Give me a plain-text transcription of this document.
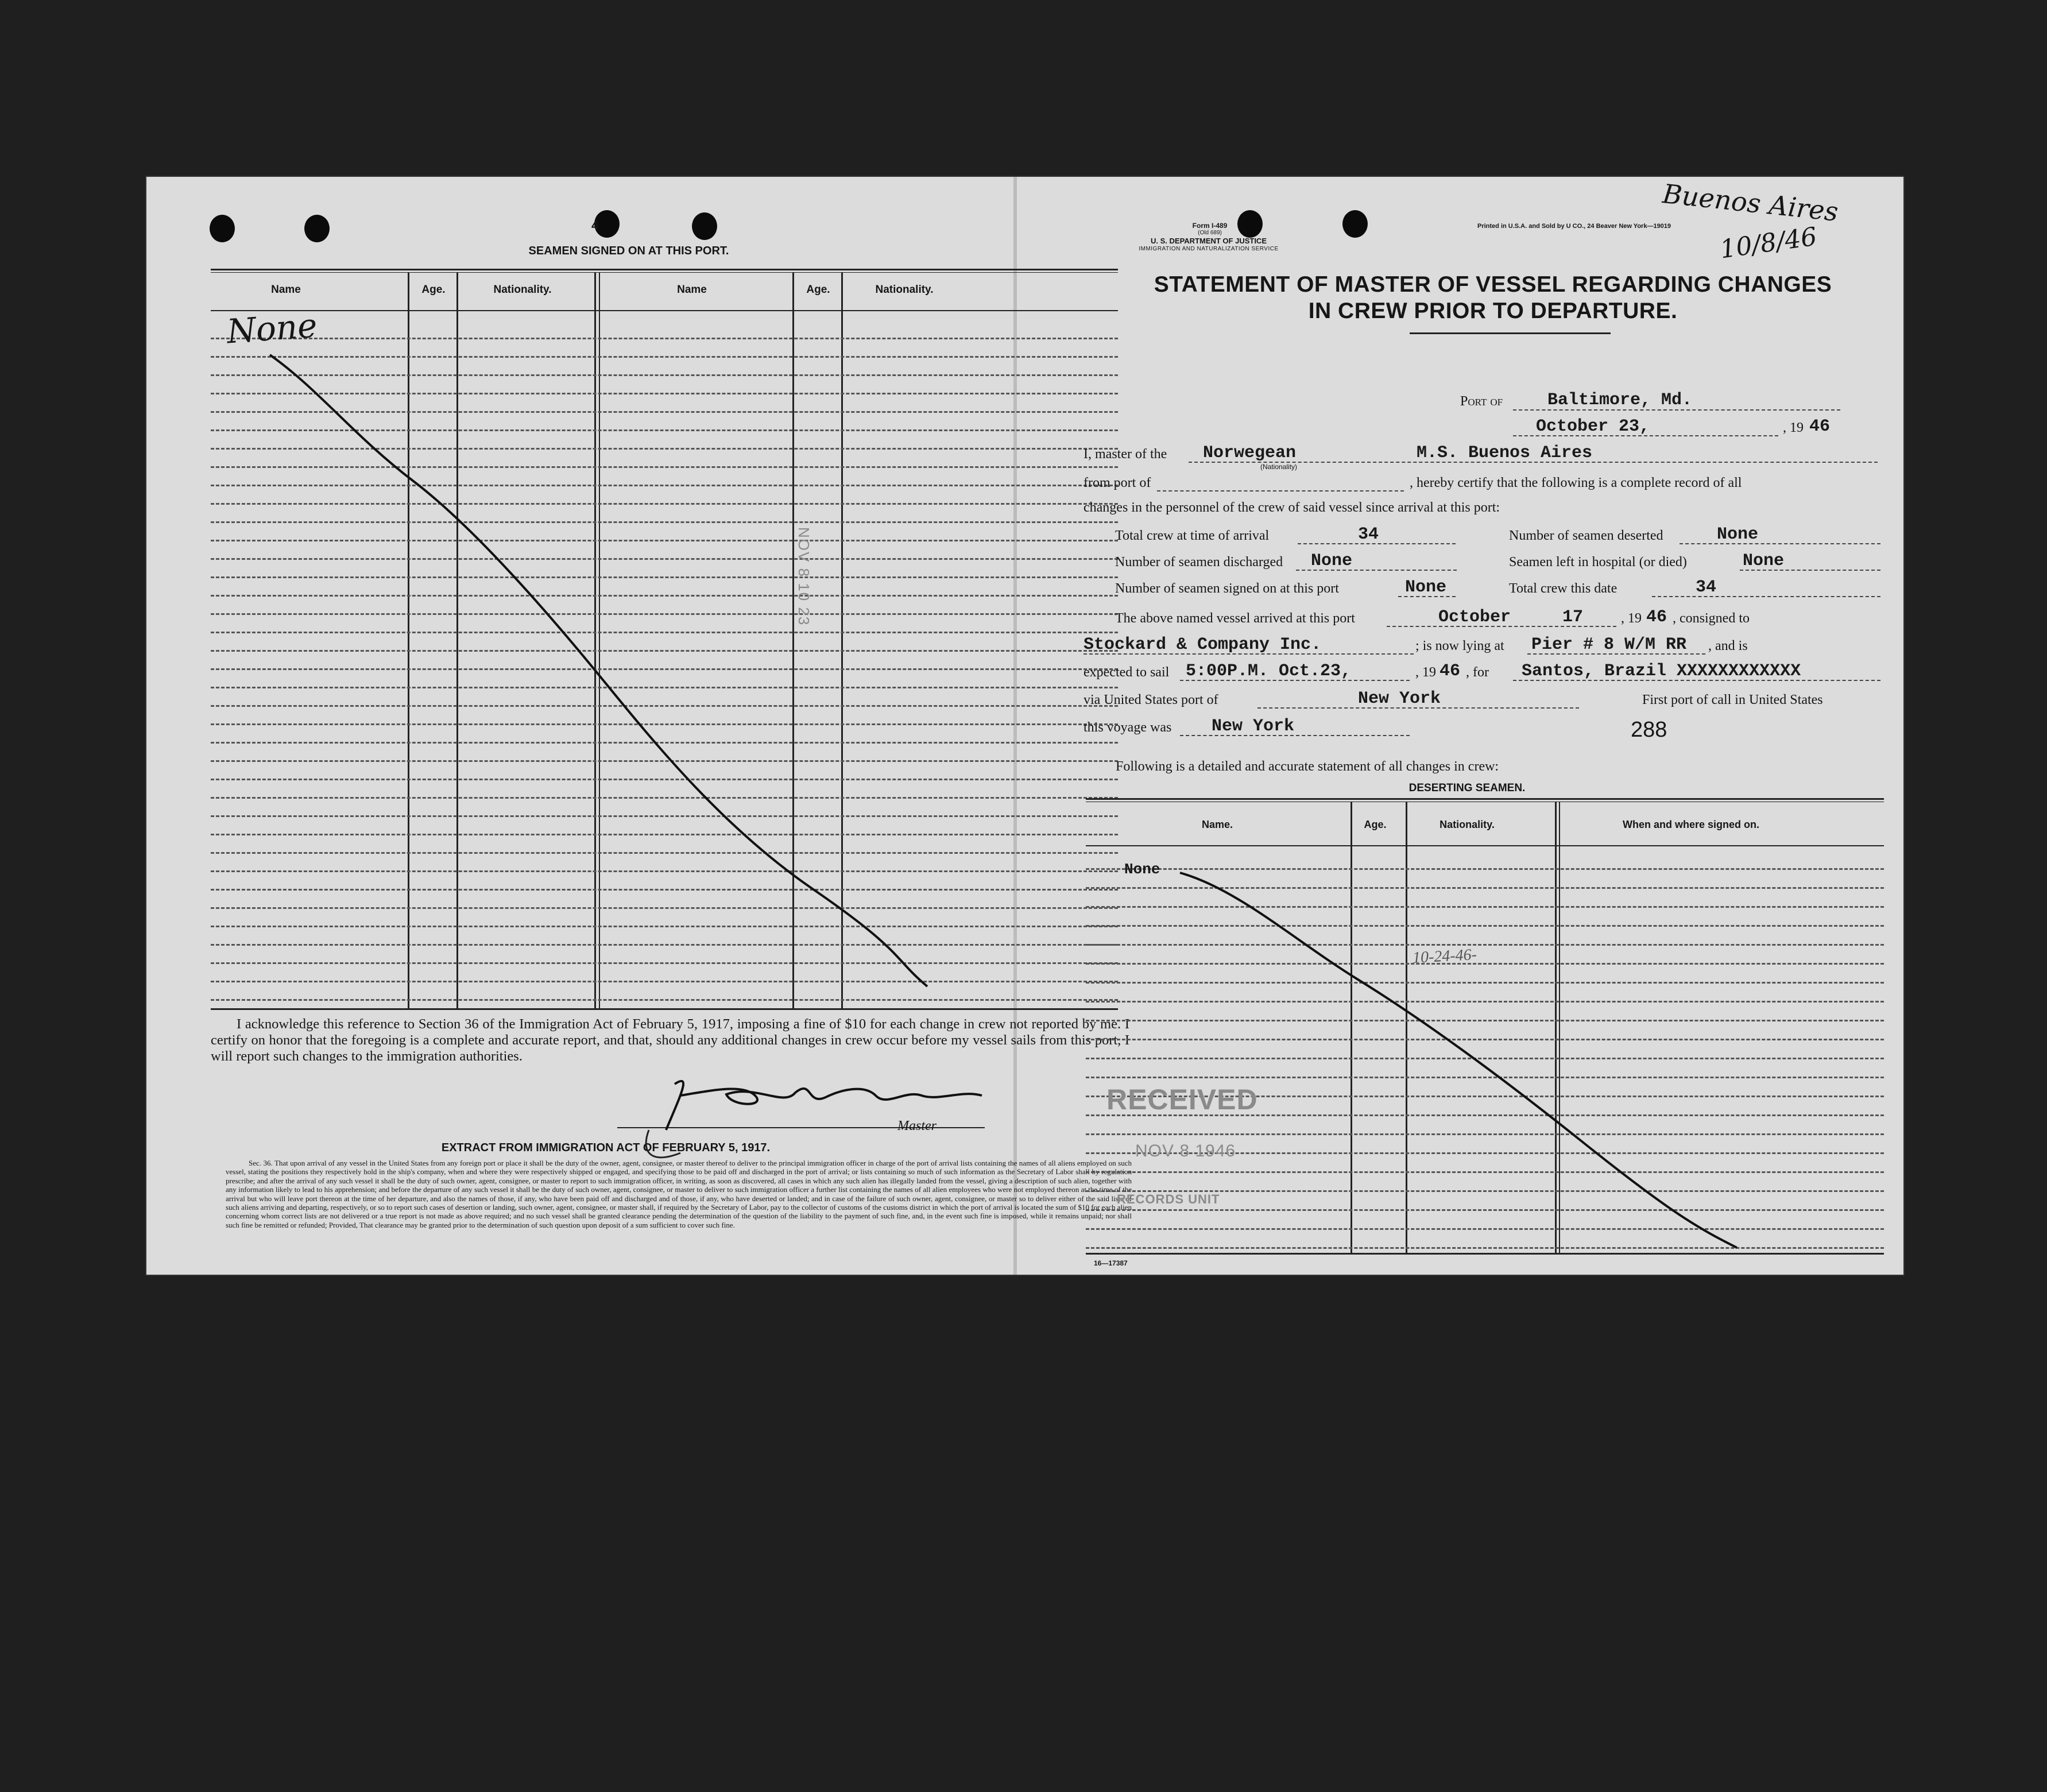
4
SEAMEN SIGNED ON AT THIS PORT.
Name	Age.	Nationality.	Name	Age.	Nationality.
None
NOV 8 10 23
I acknowledge this reference to Section 36 of the Immigration Act of February 5, 1917, imposing a fine of $10 for each change in crew not reported by me. I certify on honor that the foregoing is a complete and accurate report, and that, should any additional changes in crew occur before my vessel sails from this port, I will report such changes to the immigration authorities.
Master
EXTRACT FROM IMMIGRATION ACT OF FEBRUARY 5, 1917.
Sec. 36. That upon arrival of any vessel in the United States from any foreign port or place it shall be the duty of the owner, agent, consignee, or master thereof to deliver to the principal immigration officer in charge of the port of arrival lists containing the names of all aliens employed on such vessel, stating the positions they respectively hold in the ship's company, when and where they were respectively shipped or engaged, and specifying those to be paid off and discharged in the port of arrival; or lists containing so much of such information as the Secretary of Labor shall by regulation prescribe; and after the arrival of any such vessel it shall be the duty of such owner, agent, consignee, or master to report to such immigration officer, in writing, as soon as discovered, all cases in which any such alien has illegally landed from the vessel, giving a description of such alien, together with any information likely to lead to his apprehension; and before the departure of any such vessel it shall be the duty of such owner, agent, consignee, or master to deliver to such immigration officer a further list containing the names of all alien employees who were not employed thereon at the time of the arrival but who will leave port thereon at the time of her departure, and also the names of those, if any, who have been paid off and discharged and of those, if any, who have deserted or landed; and in case of the failure of such owner, agent, consignee, or master so to deliver either of the said lists of such aliens arriving and departing, respectively, or so to report such cases of desertion or landing, such owner, agent, consignee, or master shall, if required by the Secretary of Labor, pay to the collector of customs of the customs district in which the port of arrival is located the sum of $10 for each alien concerning whom correct lists are not delivered or a true report is not made as above required; and no such vessel shall be granted clearance pending the determination of the question of the liability to the payment of such fine, and, in the event such fine is imposed, while it remains unpaid; nor shall such fine be remitted or refunded; Provided, That clearance may be granted prior to the determination of such question upon deposit of a sum sufficient to cover such fine.
Form I-489
(Old 689)
U. S. DEPARTMENT OF JUSTICE
IMMIGRATION AND NATURALIZATION SERVICE
Printed in U.S.A. and Sold by U CO., 24 Beaver New York—19019
Buenos Aires
10/8/46
STATEMENT OF MASTER OF VESSEL REGARDING CHANGES
IN CREW PRIOR TO DEPARTURE.
Port of	Baltimore, Md.
October 23,	, 19 46
I, master of the Norwegean
(Nationality)
M.S. Buenos Aires
from port of	, hereby certify that the following is a complete record of all
changes in the personnel of the crew of said vessel since arrival at this port:
Total crew at time of arrival	34	Number of seamen deserted	None
Number of seamen discharged None	Seamen left in hospital (or died)	None
Number of seamen signed on at this port	None	Total crew this date	34
The above named vessel arrived at this port	October     17	, 19 46 , consigned to
Stockard & Company Inc.	; is now lying at Pier # 8 W/M RR , and is
expected to sail 5:00P.M. Oct.23,	, 19 46 , for Santos, Brazil XXXXXXXXXXXX
via United States port of	New York	First port of call in United States
this voyage was New York	288
Following is a detailed and accurate statement of all changes in crew:
DESERTING SEAMEN.
Name.	Age.	Nationality.	When and where signed on.
None
10-24-46-
RECEIVED
NOV 8 1946
RECORDS UNIT
16—17387
